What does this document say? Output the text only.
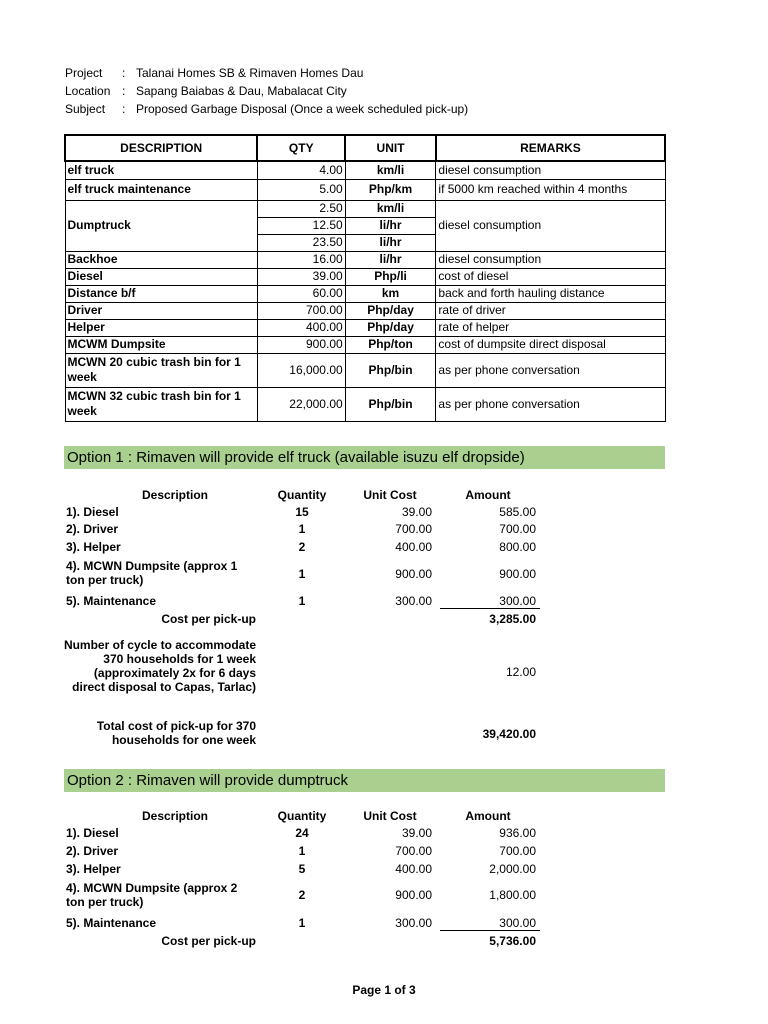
Project : Talanai Homes SB & Rimaven Homes Dau
Location : Sapang Baiabas & Dau, Mabalacat City
Subject : Proposed Garbage Disposal (Once a week scheduled pick-up)
DESCRIPTION	QTY	UNIT	REMARKS
elf truck	4.00	km/li	diesel consumption
elf truck maintenance	5.00	Php/km	if 5000 km reached within 4 months
Dumptruck	2.50	km/li	diesel consumption
	12.50	li/hr	
	23.50	li/hr	
Backhoe	16.00	li/hr	diesel consumption
Diesel	39.00	Php/li	cost of diesel
Distance b/f	60.00	km	back and forth hauling distance
Driver	700.00	Php/day	rate of driver
Helper	400.00	Php/day	rate of helper
MCWM Dumpsite	900.00	Php/ton	cost of dumpsite direct disposal
MCWN 20 cubic trash bin for 1 week	16,000.00	Php/bin	as per phone conversation
MCWN 32 cubic trash bin for 1 week	22,000.00	Php/bin	as per phone conversation
Option 1 : Rimaven will provide elf truck (available isuzu elf dropside)
Description	Quantity	Unit Cost	Amount
1). Diesel	15	39.00	585.00
2). Driver	1	700.00	700.00
3). Helper	2	400.00	800.00
4). MCWN Dumpsite (approx 1 ton per truck)	1	900.00	900.00
5). Maintenance	1	300.00	300.00
Cost per pick-up	3,285.00
Number of cycle to accommodate 370 households for 1 week (approximately 2x for 6 days direct disposal to Capas, Tarlac)
12.00
Total cost of pick-up for 370 households for one week	39,420.00
Option 2 : Rimaven will provide dumptruck
Description	Quantity	Unit Cost	Amount
1). Diesel	24	39.00	936.00
2). Driver	1	700.00	700.00
3). Helper	5	400.00	2,000.00
4). MCWN Dumpsite (approx 2 ton per truck)	2	900.00	1,800.00
5). Maintenance	1	300.00	300.00
Cost per pick-up	5,736.00
Page 1 of 3
